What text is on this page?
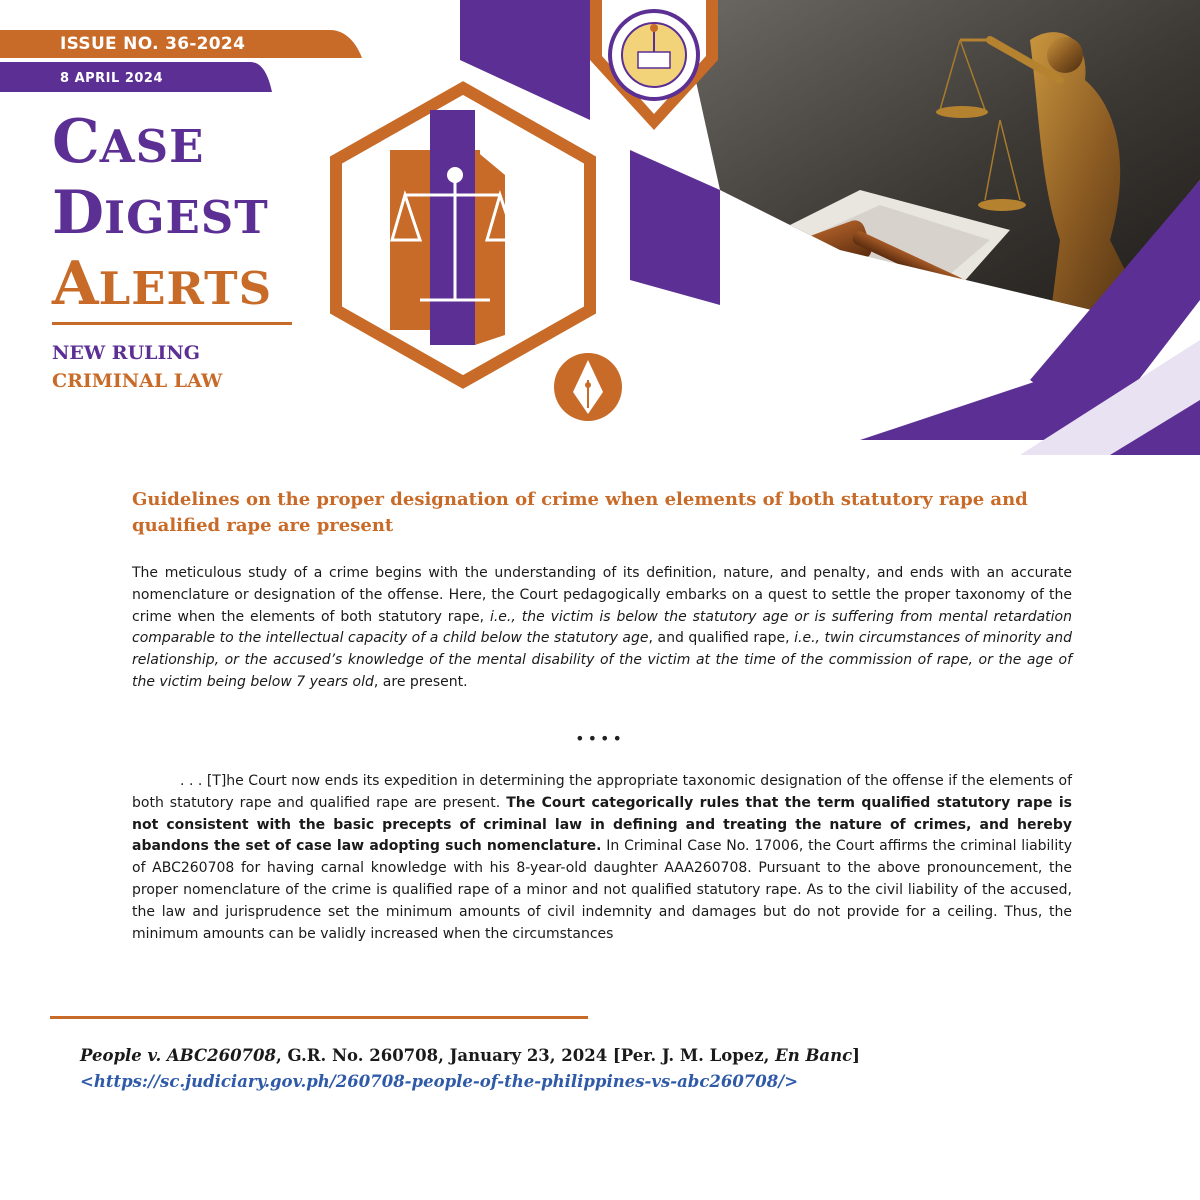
ISSUE NO. 36-2024
8 APRIL 2024
CASE
DIGEST
ALERTS
NEW RULING
CRIMINAL LAW
Guidelines on the proper designation of crime when elements of both statutory rape and qualified rape are present
The meticulous study of a crime begins with the understanding of its definition, nature, and penalty, and ends with an accurate nomenclature or designation of the offense. Here, the Court pedagogically embarks on a quest to settle the proper taxonomy of the crime when the elements of both statutory rape, i.e., the victim is below the statutory age or is suffering from mental retardation comparable to the intellectual capacity of a child below the statutory age, and qualified rape, i.e., twin circumstances of minority and relationship, or the accused’s knowledge of the mental disability of the victim at the time of the commission of rape, or the age of the victim being below 7 years old, are present.
••••
. . . [T]he Court now ends its expedition in determining the appropriate taxonomic designation of the offense if the elements of both statutory rape and qualified rape are present. The Court categorically rules that the term qualified statutory rape is not consistent with the basic precepts of criminal law in defining and treating the nature of crimes, and hereby abandons the set of case law adopting such nomenclature. In Criminal Case No. 17006, the Court affirms the criminal liability of ABC260708 for having carnal knowledge with his 8-year-old daughter AAA260708. Pursuant to the above pronouncement, the proper nomenclature of the crime is qualified rape of a minor and not qualified statutory rape. As to the civil liability of the accused, the law and jurisprudence set the minimum amounts of civil indemnity and damages but do not provide for a ceiling. Thus, the minimum amounts can be validly increased when the circumstances
People v. ABC260708, G.R. No. 260708, January 23, 2024 [Per. J. M. Lopez, En Banc]
<https://sc.judiciary.gov.ph/260708-people-of-the-philippines-vs-abc260708/>
